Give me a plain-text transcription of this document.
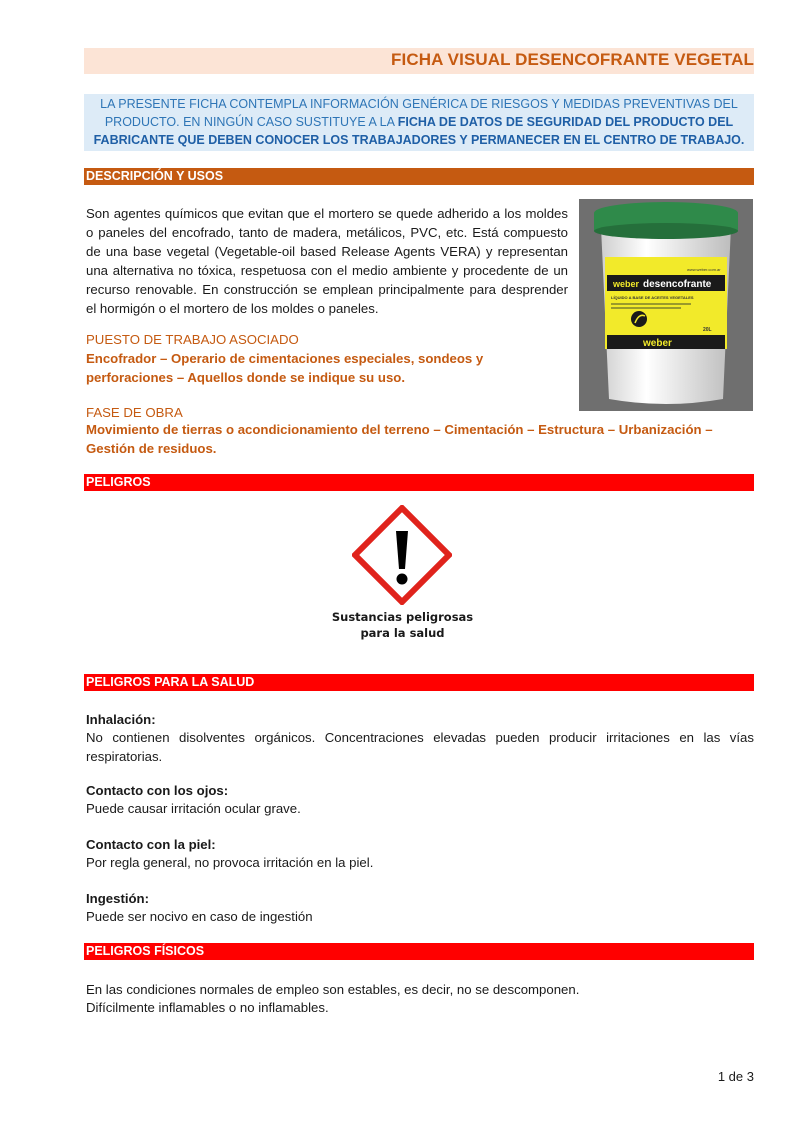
FICHA VISUAL DESENCOFRANTE VEGETAL
LA PRESENTE FICHA CONTEMPLA INFORMACIÓN GENÉRICA DE RIESGOS Y MEDIDAS PREVENTIVAS DEL PRODUCTO. EN NINGÚN CASO SUSTITUYE A LA FICHA DE DATOS DE SEGURIDAD DEL PRODUCTO DEL FABRICANTE QUE DEBEN CONOCER LOS TRABAJADORES Y PERMANECER EN EL CENTRO DE TRABAJO.
DESCRIPCIÓN Y USOS
Son agentes químicos que evitan que el mortero se quede adherido a los moldes o paneles del encofrado, tanto de madera, metálicos, PVC, etc. Está compuesto de una base vegetal (Vegetable-oil based Release Agents VERA) y representan una alternativa no tóxica, respetuosa con el medio ambiente y procedente de un recurso renovable. En construcción se emplean principalmente para desprender el hormigón o el mortero de los moldes o paneles.
PUESTO DE TRABAJO ASOCIADO
Encofrador – Operario de cimentaciones especiales, sondeos y perforaciones – Aquellos donde se indique su uso.
FASE DE OBRA
Movimiento de tierras o acondicionamiento del terreno – Cimentación – Estructura – Urbanización – Gestión de residuos.
weber desencofrante
www.weber.com.ar
LÍQUIDO A BASE DE ACEITES VEGETALES
weber
20L
PELIGROS
Sustancias peligrosas para la salud
PELIGROS PARA LA SALUD
Inhalación:
No contienen disolventes orgánicos. Concentraciones elevadas pueden producir irritaciones en las vías respiratorias.
Contacto con los ojos:
Puede causar irritación ocular grave.
Contacto con la piel:
Por regla general, no provoca irritación en la piel.
Ingestión:
Puede ser nocivo en caso de ingestión
PELIGROS FÍSICOS
En las condiciones normales de empleo son estables, es decir, no se descomponen.
Difícilmente inflamables o no inflamables.
1 de 3
